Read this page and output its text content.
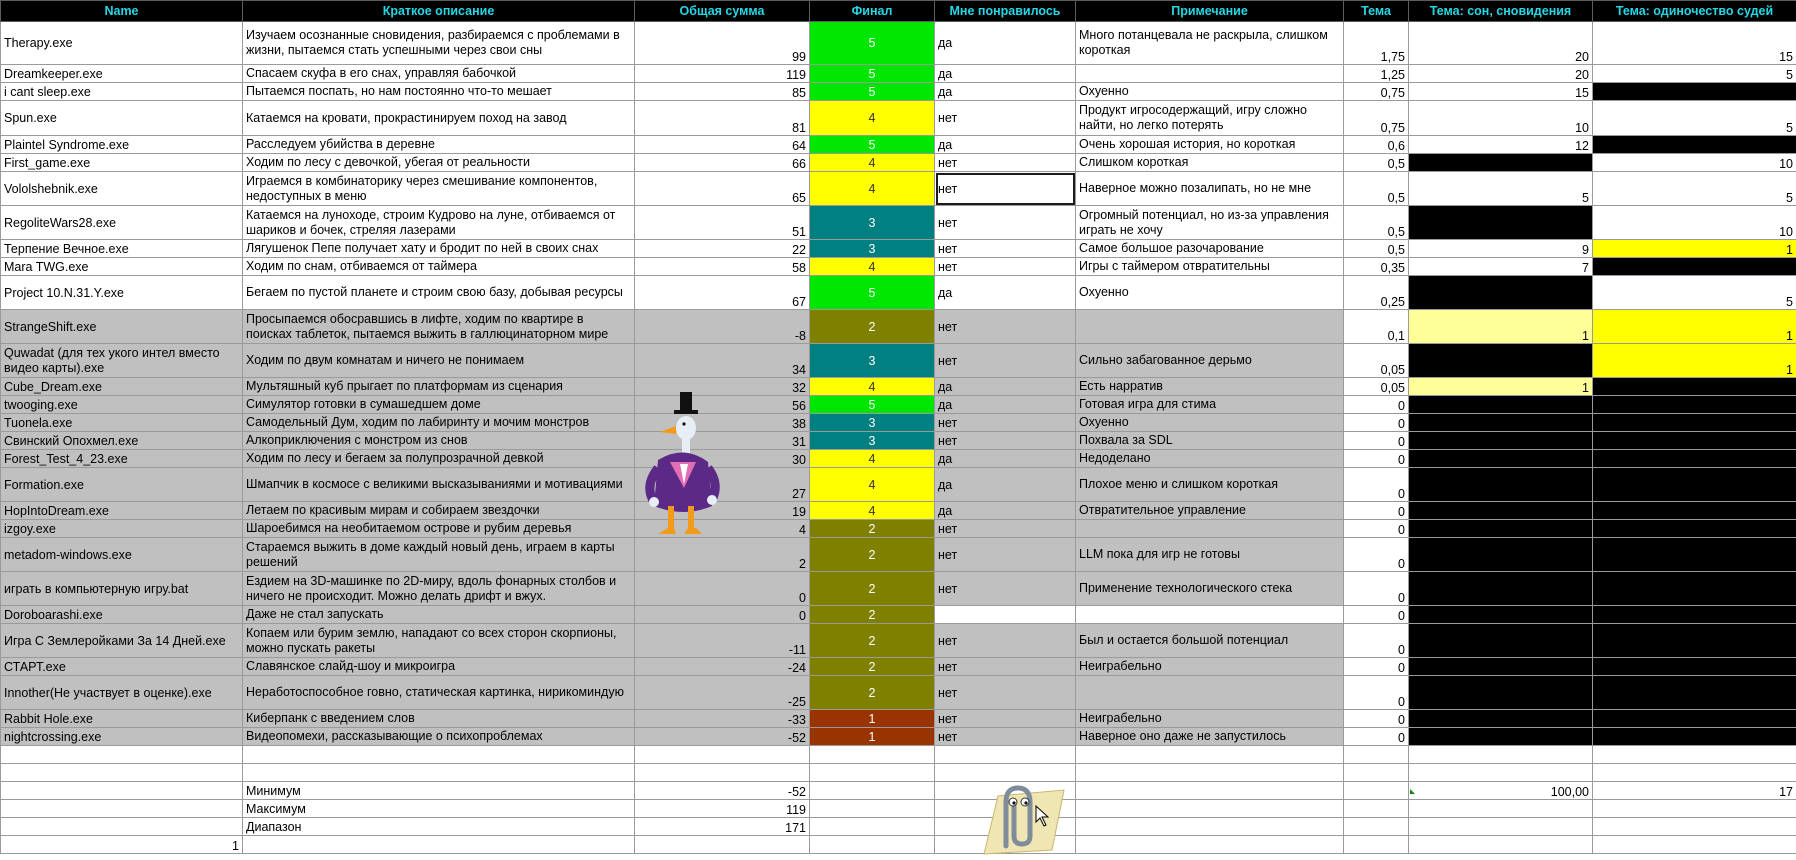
Name	Краткое описание	Общая сумма	Финал	Мне понравилось	Примечание	Тема	Тема: сон, сновидения	Тема: одиночество судей
Therapy.exe	Изучаем осознанные сновидения, разбираемся с проблемами в жизни, пытаемся стать успешными через свои сны	99	5	да	Много потанцевала не раскрыла, слишком короткая	1,75	20	15
Dreamkeeper.exe	Спасаем скуфа в его снах, управляя бабочкой	119	5	да		1,25	20	5
i cant sleep.exe	Пытаемся поспать, но нам постоянно что-то мешает	85	5	да	Охуенно	0,75	15	
Spun.exe	Катаемся на кровати, прокрастинируем поход на завод	81	4	нет	Продукт игросодержащий, игру сложно найти, но легко потерять	0,75	10	5
Plaintel Syndrome.exe	Расследуем убийства в деревне	64	5	да	Очень хорошая история, но короткая	0,6	12	
First_game.exe	Ходим по лесу с девочкой, убегая от реальности	66	4	нет	Слишком короткая	0,5		10
Vololshebnik.exe	Играемся в комбинаторику через смешивание компонентов, недоступных в меню	65	4	нет	Наверное можно позалипать, но не мне	0,5	5	5
RegoliteWars28.exe	Катаемся на луноходе, строим Кудрово на луне, отбиваемся от шариков и бочек, стреляя лазерами	51	3	нет	Огромный потенциал, но из-за управления играть не хочу	0,5		10
Терпение Вечное.exe	Лягушенок Пепе получает хату и бродит по ней в своих снах	22	3	нет	Самое большое разочарование	0,5	9	1
Mara TWG.exe	Ходим по снам, отбиваемся от таймера	58	4	нет	Игры с таймером отвратительны	0,35	7	
Project 10.N.31.Y.exe	Бегаем по пустой планете и строим свою базу, добывая ресурсы	67	5	да	Охуенно	0,25		5
StrangeShift.exe	Просыпаемся обосравшись в лифте, ходим по квартире в поисках таблеток, пытаемся выжить в галлюцинаторном мире	-8	2	нет		0,1	1	1
Quwadat (для тех укого интел вместо видео карты).exe	Ходим по двум комнатам и ничего не понимаем	34	3	нет	Сильно забагованное дерьмо	0,05		1
Cube_Dream.exe	Мультяшный куб прыгает по платформам из сценария	32	4	да	Есть нарратив	0,05	1	
twooging.exe	Симулятор готовки в сумашедшем доме	56	5	да	Готовая игра для стима	0		
Tuonela.exe	Самодельный Дум, ходим по лабиринту и мочим монстров	38	3	нет	Охуенно	0		
Свинский Опохмел.exe	Алкоприключения с монстром из снов	31	3	нет	Похвала за SDL	0		
Forest_Test_4_23.exe	Ходим по лесу и бегаем за полупрозрачной девкой	30	4	да	Недоделано	0		
Formation.exe	Шмапчик в космосе с великими высказываниями и мотивациями	27	4	да	Плохое меню и слишком короткая	0		
HopIntoDream.exe	Летаем по красивым мирам и собираем звездочки	19	4	да	Отвратительное управление	0		
izgoy.exe	Шароебимся на необитаемом острове и рубим деревья	4	2	нет		0		
metadom-windows.exe	Стараемся выжить в доме каждый новый день, играем в карты решений	2	2	нет	LLM пока для игр не готовы	0		
играть в компьютерную игру.bat	Ездием на 3D-машинке по 2D-миру, вдоль фонарных столбов и ничего не происходит. Можно делать дрифт и вжух.	0	2	нет	Применение технологического стека	0		
Doroboarashi.exe	Даже не стал запускать	0	2			0		
Игра С Землеройками За 14 Дней.exe	Копаем или бурим землю, нападают со всех сторон скорпионы, можно пускать ракеты	-11	2	нет	Был и остается большой потенциал	0		
СТАРТ.exe	Славянское слайд-шоу и микроигра	-24	2	нет	Неиграбельно	0		
Innother(Не участвует в оценке).exe	Неработоспособное говно, статическая картинка, нирикоминдую	-25	2	нет		0		
Rabbit Hole.exe	Киберпанк с введением слов	-33	1	нет	Неиграбельно	0		
nightcrossing.exe	Видеопомехи, рассказывающие о психопроблемах	-52	1	нет	Наверное оно даже не запустилось	0		

	Минимум	-52					100,00	17
	Максимум	119						
	Диапазон	171						
1								
